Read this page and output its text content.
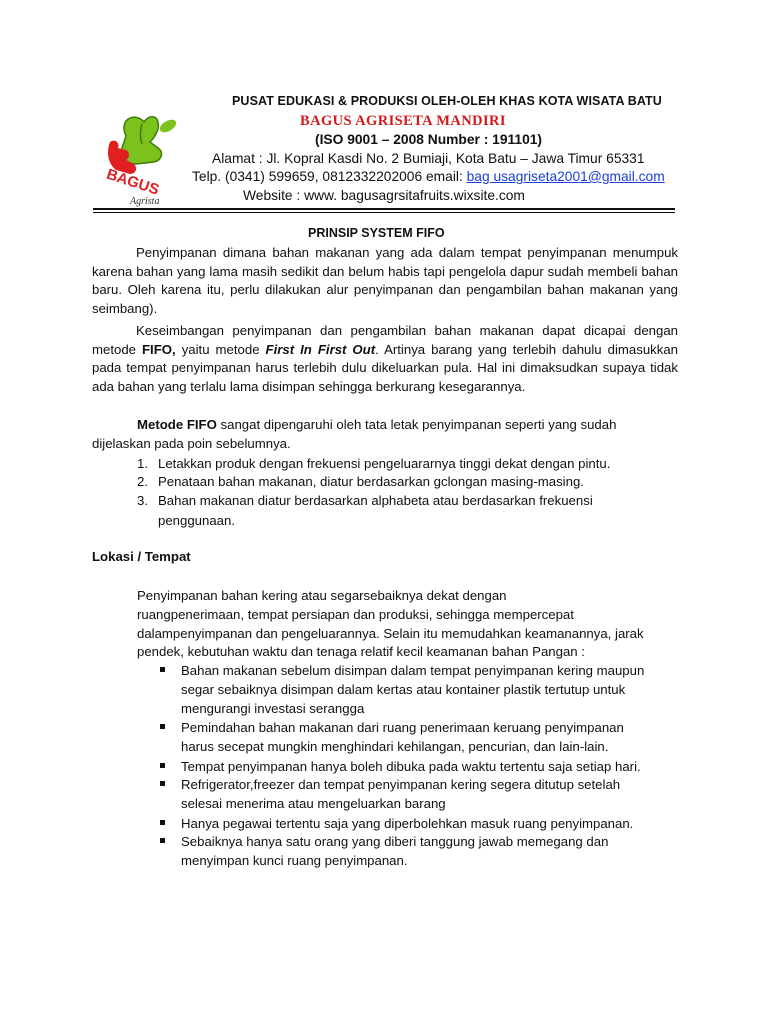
BAGUS
Agrista
PUSAT EDUKASI & PRODUKSI OLEH-OLEH KHAS KOTA WISATA BATU
BAGUS AGRISETA MANDIRI
(ISO 9001 – 2008 Number : 191101)
Alamat : Jl. Kopral Kasdi No. 2 Bumiaji, Kota Batu – Jawa Timur 65331
Telp. (0341) 599659, 0812332202006 email: bag usagriseta2001@gmail.com
Website : www. bagusagrsitafruits.wixsite.com
PRINSIP SYSTEM FIFO
Penyimpanan dimana bahan makanan yang ada dalam tempat penyimpanan menumpuk karena bahan yang lama masih sedikit dan belum habis tapi pengelola dapur sudah membeli bahan baru. Oleh karena itu, perlu dilakukan alur penyimpanan dan pengambilan bahan makanan yang seimbang).
Keseimbangan penyimpanan dan pengambilan bahan makanan dapat dicapai dengan metode FIFO, yaitu metode First In First Out. Artinya barang yang terlebih dahulu dimasukkan pada tempat penyimpanan harus terlebih dulu dikeluarkan pula. Hal ini dimaksudkan supaya tidak ada bahan yang terlalu lama disimpan sehingga berkurang kesegarannya.
Metode FIFO sangat dipengaruhi oleh tata letak penyimpanan seperti yang sudah
dijelaskan pada poin sebelumnya.
1. Letakkan produk dengan frekuensi pengeluararnya tinggi dekat dengan pintu.
2. Penataan bahan makanan, diatur berdasarkan gclongan masing-masing.
3. Bahan makanan diatur berdasarkan alphabeta atau berdasarkan frekuensi
penggunaan.
Lokasi / Tempat
Penyimpanan bahan kering atau segarsebaiknya dekat dengan
ruangpenerimaan, tempat persiapan dan produksi, sehingga mempercepat
dalampenyimpanan dan pengeluarannya. Selain itu memudahkan keamanannya, jarak
pendek, kebutuhan waktu dan tenaga relatif kecil keamanan bahan Pangan :
Bahan makanan sebelum disimpan dalam tempat penyimpanan kering maupun
segar sebaiknya disimpan dalam kertas atau kontainer plastik tertutup untuk
mengurangi investasi serangga
Pemindahan bahan makanan dari ruang penerimaan keruang penyimpanan
harus secepat mungkin menghindari kehilangan, pencurian, dan lain-lain.
Tempat penyimpanan hanya boleh dibuka pada waktu tertentu saja setiap hari.
Refrigerator,freezer dan tempat penyimpanan kering segera ditutup setelah
selesai menerima atau mengeluarkan barang
Hanya pegawai tertentu saja yang diperbolehkan masuk ruang penyimpanan.
Sebaiknya hanya satu orang yang diberi tanggung jawab memegang dan
menyimpan kunci ruang penyimpanan.
